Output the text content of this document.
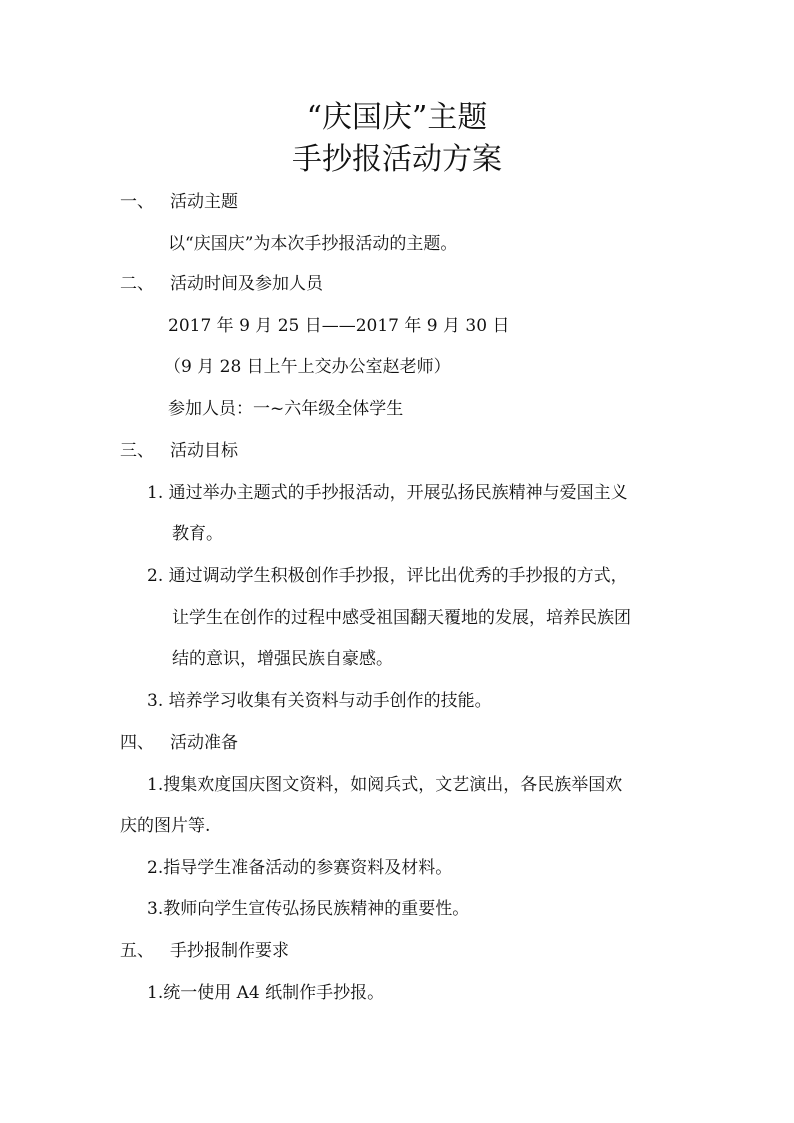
“庆国庆”主题
手抄报活动方案
一、 活动主题
以“庆国庆”为本次手抄报活动的主题。
二、 活动时间及参加人员
2017 年 9 月 25 日——2017 年 9 月 30 日
（9 月 28 日上午上交办公室赵老师）
参加人员：一~六年级全体学生
三、 活动目标
1. 通过举办主题式的手抄报活动，开展弘扬民族精神与爱国主义
教育。
2. 通过调动学生积极创作手抄报，评比出优秀的手抄报的方式，
让学生在创作的过程中感受祖国翻天覆地的发展，培养民族团
结的意识，增强民族自豪感。
3. 培养学习收集有关资料与动手创作的技能。
四、 活动准备
1.搜集欢度国庆图文资料，如阅兵式，文艺演出，各民族举国欢
庆的图片等.
2.指导学生准备活动的参赛资料及材料。
3.教师向学生宣传弘扬民族精神的重要性。
五、 手抄报制作要求
1.统一使用 A4 纸制作手抄报。
